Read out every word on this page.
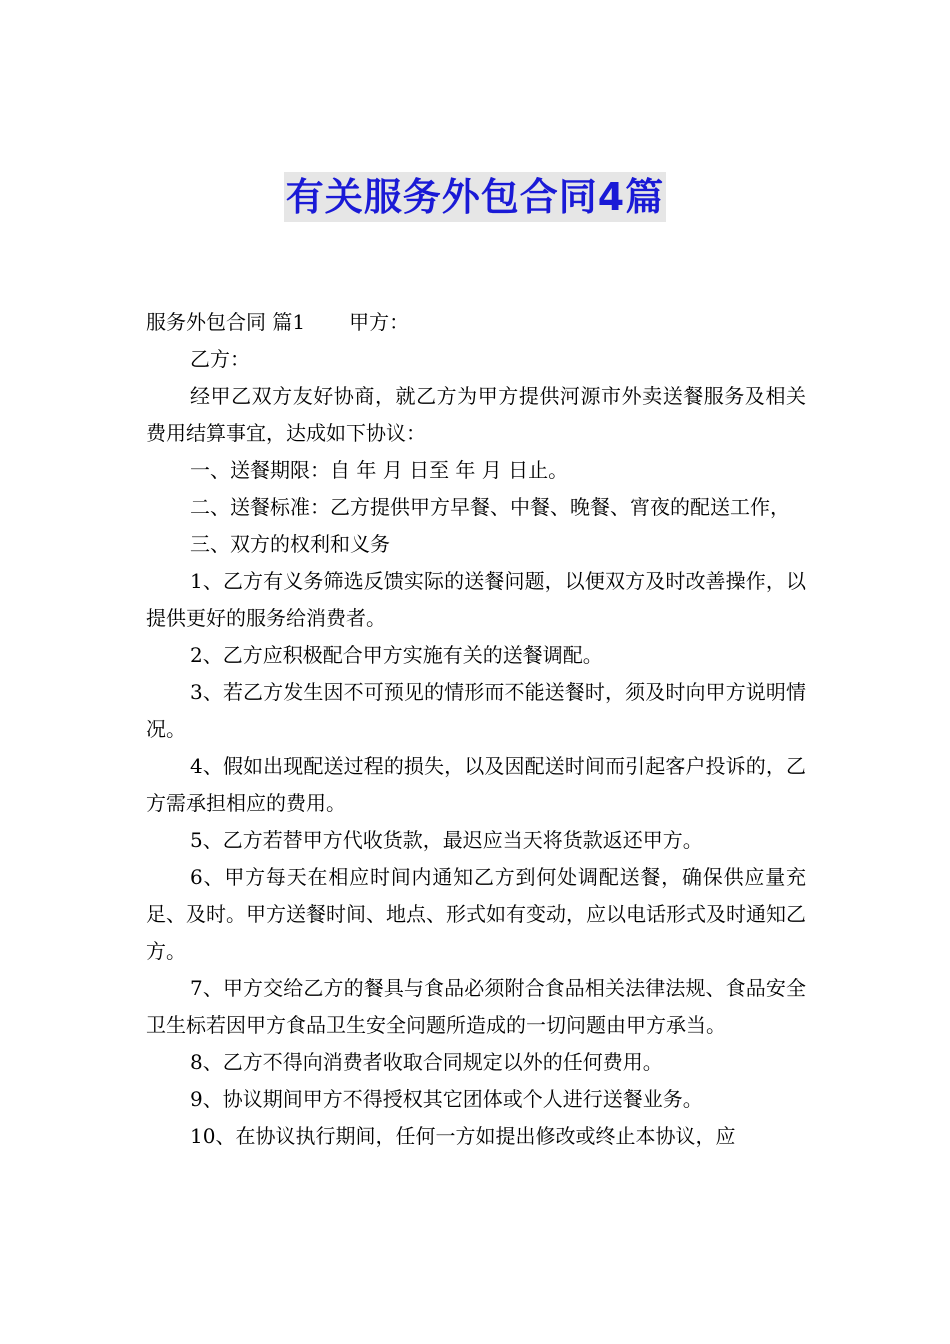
有关服务外包合同4篇

服务外包合同 篇1 甲方：

乙方：

经甲乙双方友好协商，就乙方为甲方提供河源市外卖送餐服务及相关费用结算事宜，达成如下协议：

一、送餐期限：自 年 月 日至 年 月 日止。

二、送餐标准：乙方提供甲方早餐、中餐、晚餐、宵夜的配送工作，

三、双方的权利和义务

1、乙方有义务筛选反馈实际的送餐问题，以便双方及时改善操作，以提供更好的服务给消费者。

2、乙方应积极配合甲方实施有关的送餐调配。

3、若乙方发生因不可预见的情形而不能送餐时，须及时向甲方说明情况。

4、假如出现配送过程的损失，以及因配送时间而引起客户投诉的，乙方需承担相应的费用。

5、乙方若替甲方代收货款，最迟应当天将货款返还甲方。

6、甲方每天在相应时间内通知乙方到何处调配送餐，确保供应量充足、及时。甲方送餐时间、地点、形式如有变动，应以电话形式及时通知乙方。

7、甲方交给乙方的餐具与食品必须附合食品相关法律法规、食品安全卫生标若因甲方食品卫生安全问题所造成的一切问题由甲方承当。

8、乙方不得向消费者收取合同规定以外的任何费用。

9、协议期间甲方不得授权其它团体或个人进行送餐业务。

10、在协议执行期间，任何一方如提出修改或终止本协议，应
